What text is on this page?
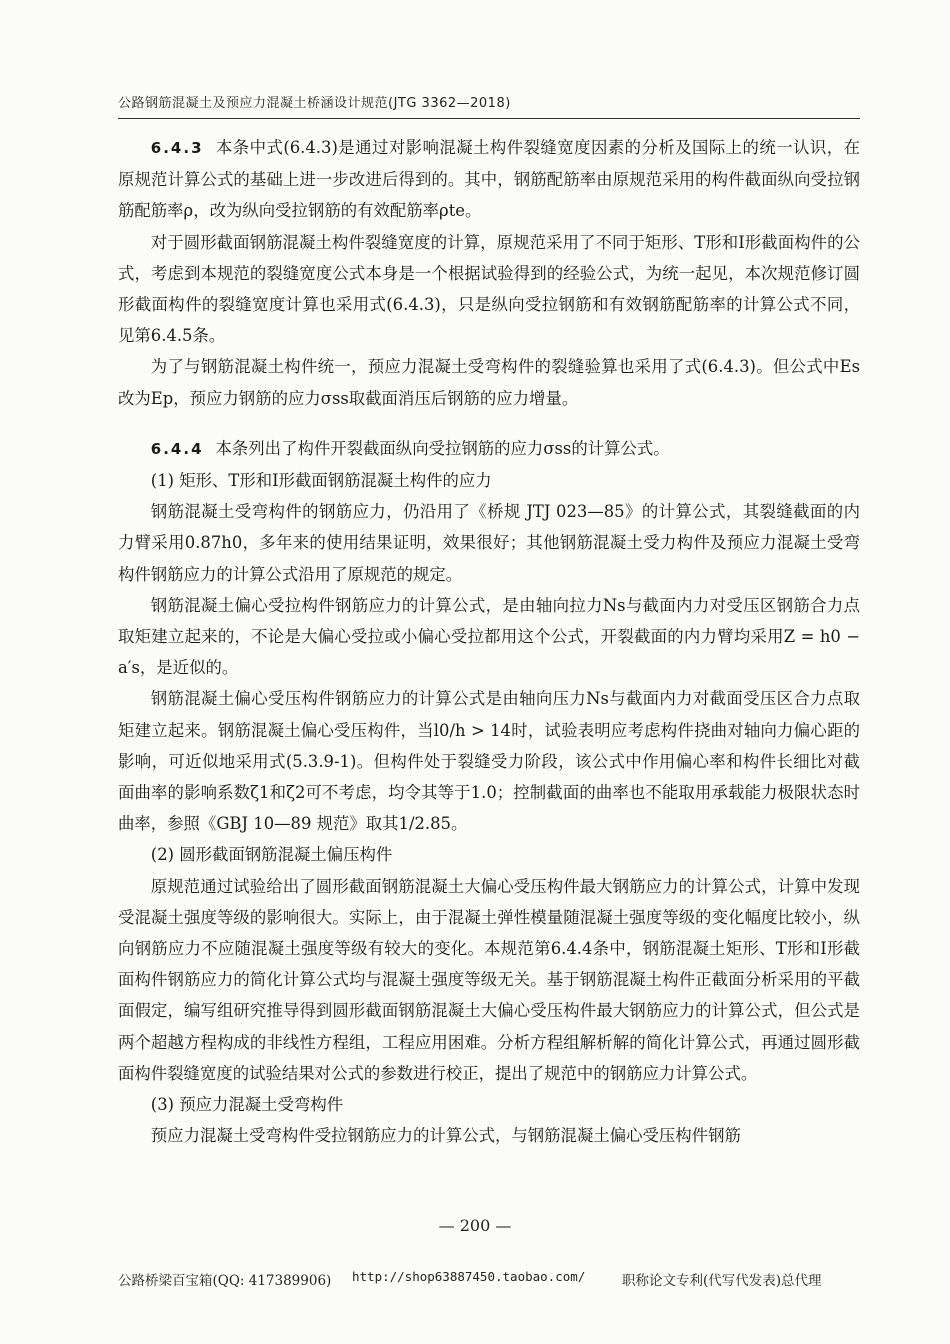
公路钢筋混凝土及预应力混凝土桥涵设计规范(JTG 3362—2018)

6.4.3 本条中式(6.4.3)是通过对影响混凝土构件裂缝宽度因素的分析及国际上的统一认识，在原规范计算公式的基础上进一步改进后得到的。其中，钢筋配筋率由原规范采用的构件截面纵向受拉钢筋配筋率ρ，改为纵向受拉钢筋的有效配筋率ρte。

对于圆形截面钢筋混凝土构件裂缝宽度的计算，原规范采用了不同于矩形、T形和I形截面构件的公式，考虑到本规范的裂缝宽度公式本身是一个根据试验得到的经验公式，为统一起见，本次规范修订圆形截面构件的裂缝宽度计算也采用式(6.4.3)，只是纵向受拉钢筋和有效钢筋配筋率的计算公式不同，见第6.4.5条。

为了与钢筋混凝土构件统一，预应力混凝土受弯构件的裂缝验算也采用了式(6.4.3)。但公式中Es改为Ep，预应力钢筋的应力σss取截面消压后钢筋的应力增量。

6.4.4 本条列出了构件开裂截面纵向受拉钢筋的应力σss的计算公式。

(1) 矩形、T形和I形截面钢筋混凝土构件的应力

钢筋混凝土受弯构件的钢筋应力，仍沿用了《桥规 JTJ 023—85》的计算公式，其裂缝截面的内力臂采用0.87h0，多年来的使用结果证明，效果很好；其他钢筋混凝土受力构件及预应力混凝土受弯构件钢筋应力的计算公式沿用了原规范的规定。

钢筋混凝土偏心受拉构件钢筋应力的计算公式，是由轴向拉力Ns与截面内力对受压区钢筋合力点取矩建立起来的，不论是大偏心受拉或小偏心受拉都用这个公式，开裂截面的内力臂均采用Z = h0 − a′s，是近似的。

钢筋混凝土偏心受压构件钢筋应力的计算公式是由轴向压力Ns与截面内力对截面受压区合力点取矩建立起来。钢筋混凝土偏心受压构件，当l0/h > 14时，试验表明应考虑构件挠曲对轴向力偏心距的影响，可近似地采用式(5.3.9-1)。但构件处于裂缝受力阶段，该公式中作用偏心率和构件长细比对截面曲率的影响系数ζ1和ζ2可不考虑，均令其等于1.0；控制截面的曲率也不能取用承载能力极限状态时曲率，参照《GBJ 10—89 规范》取其1/2.85。

(2) 圆形截面钢筋混凝土偏压构件

原规范通过试验给出了圆形截面钢筋混凝土大偏心受压构件最大钢筋应力的计算公式，计算中发现受混凝土强度等级的影响很大。实际上，由于混凝土弹性模量随混凝土强度等级的变化幅度比较小，纵向钢筋应力不应随混凝土强度等级有较大的变化。本规范第6.4.4条中，钢筋混凝土矩形、T形和I形截面构件钢筋应力的简化计算公式均与混凝土强度等级无关。基于钢筋混凝土构件正截面分析采用的平截面假定，编写组研究推导得到圆形截面钢筋混凝土大偏心受压构件最大钢筋应力的计算公式，但公式是两个超越方程构成的非线性方程组，工程应用困难。分析方程组解析解的简化计算公式，再通过圆形截面构件裂缝宽度的试验结果对公式的参数进行校正，提出了规范中的钢筋应力计算公式。

(3) 预应力混凝土受弯构件

预应力混凝土受弯构件受拉钢筋应力的计算公式，与钢筋混凝土偏心受压构件钢筋

— 200 —
公路桥梁百宝箱(QQ: 417389906) http://shop63887450.taobao.com/	职称论文专利(代写代发表)总代理
